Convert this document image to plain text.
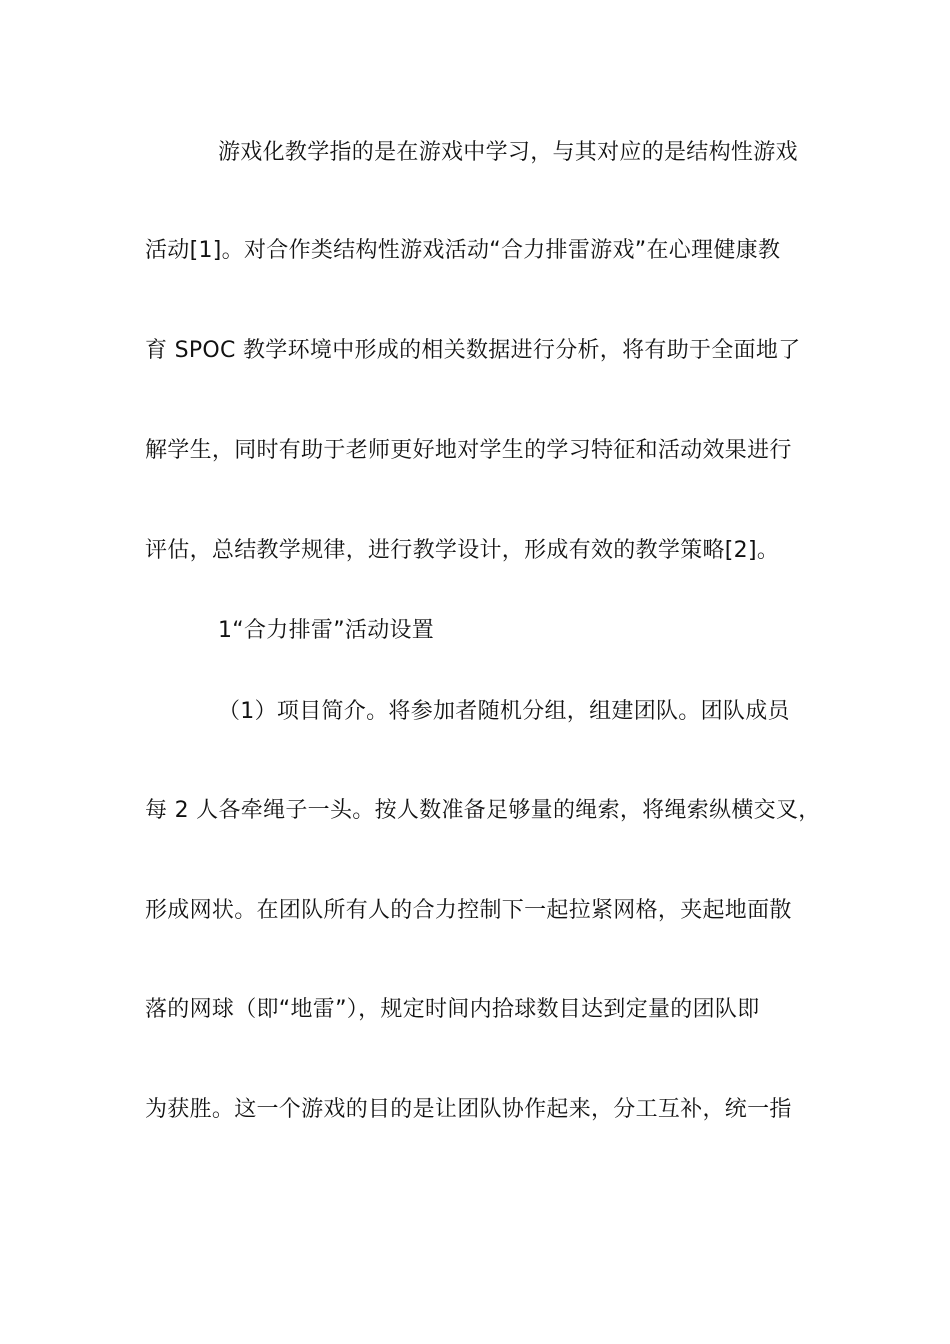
游戏化教学指的是在游戏中学习，与其对应的是结构性游戏
活动[1]。对合作类结构性游戏活动“合力排雷游戏”在心理健康教
育 SPOC 教学环境中形成的相关数据进行分析，将有助于全面地了
解学生，同时有助于老师更好地对学生的学习特征和活动效果进行
评估，总结教学规律，进行教学设计，形成有效的教学策略[2]。
1“合力排雷”活动设置
（1）项目简介。将参加者随机分组，组建团队。团队成员
每 2 人各牵绳子一头。按人数准备足够量的绳索，将绳索纵横交叉，
形成网状。在团队所有人的合力控制下一起拉紧网格，夹起地面散
落的网球（即“地雷”），规定时间内拾球数目达到定量的团队即
为获胜。这一个游戏的目的是让团队协作起来，分工互补，统一指
